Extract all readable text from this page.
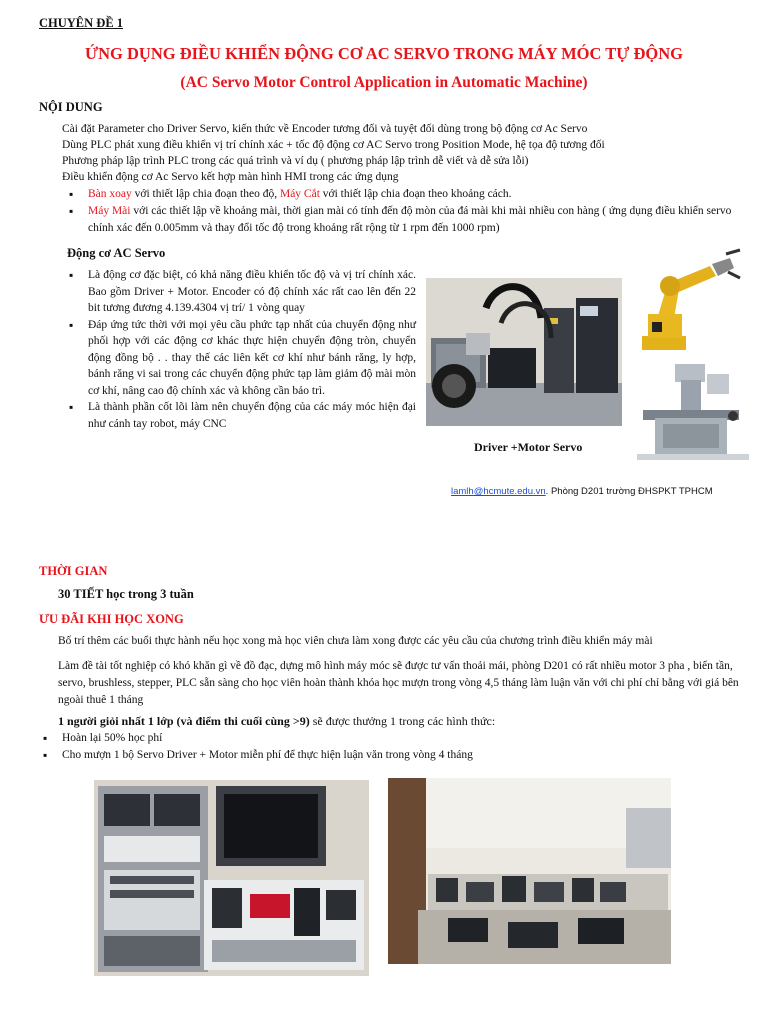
CHUYÊN ĐỀ 1
ỨNG DỤNG ĐIỀU KHIỂN ĐỘNG CƠ AC SERVO TRONG MÁY MÓC TỰ ĐỘNG
(AC Servo Motor Control Application in Automatic Machine)
NỘI DUNG
Cài đặt Parameter cho Driver Servo, kiến thức về Encoder tương đối và tuyệt đối dùng trong bộ động cơ Ac Servo
Dùng PLC phát xung điều khiển vị trí chính xác + tốc độ động cơ AC Servo trong Position Mode, hệ tọa độ tương đối
Phương pháp lập trình PLC trong các quá trình và ví dụ ( phương pháp lập trình dễ viết và dễ sửa lỗi)
Điều khiển động cơ Ac Servo kết hợp màn hình HMI trong các ứng dụng
▪ Bàn xoay với thiết lập chia đoạn theo độ, Máy Cắt với thiết lập chia đoạn theo khoảng cách.
▪ Máy Mài với các thiết lập về khoảng mài, thời gian mài có tính đến độ mòn của đá mài khi mài nhiều con hàng ( ứng dụng điều khiển servo chính xác đến 0.005mm và thay đổi tốc độ trong khoảng rất rộng từ 1 rpm đến 1000 rpm)
Động cơ AC Servo
▪ Là động cơ đặc biệt, có khả năng điều khiển tốc độ và vị trí chính xác. Bao gồm Driver + Motor. Encoder có độ chính xác rất cao lên đến 22 bit tương đương 4.139.4304 vị trí/ 1 vòng quay
▪ Đáp ứng tức thời với mọi yêu cầu phức tạp nhất của chuyển động như phối hợp với các động cơ khác thực hiện chuyển động tròn, chuyển động đồng bộ . . thay thế các liên kết cơ khí như bánh răng, ly hợp, bánh răng vi sai trong các chuyển động phức tạp làm giảm độ mài mòn cơ khí, nâng cao độ chính xác và không cần bảo trì.
▪ Là thành phần cốt lõi làm nên chuyển động của các máy móc hiện đại như cánh tay robot, máy CNC
Driver +Motor Servo
lamlh@hcmute.edu.vn. Phòng D201 trường ĐHSPKT TPHCM
THỜI GIAN
30 TIẾT học trong 3 tuần
ƯU ĐÃI KHI HỌC XONG
Bố trí thêm các buổi thực hành nếu học xong mà học viên chưa làm xong được các yêu cầu của chương trình điều khiển máy mài
Làm đề tài tốt nghiệp có khó khăn gì về đồ đạc, dựng mô hình máy móc sẽ được tư vấn thoải mái, phòng D201 có rất nhiều motor 3 pha , biến tần, servo, brushless, stepper, PLC sẵn sàng cho học viên hoàn thành khóa học mượn trong vòng 4,5 tháng làm luận văn với chi phí chỉ bằng với giá bên ngoài thuê 1 tháng
1 người giỏi nhất 1 lớp (và điểm thi cuối cùng >9) sẽ được thưởng 1 trong các hình thức:
▪ Hoàn lại 50% học phí
▪ Cho mượn 1 bộ Servo Driver + Motor miễn phí để thực hiện luận văn trong vòng 4 tháng
